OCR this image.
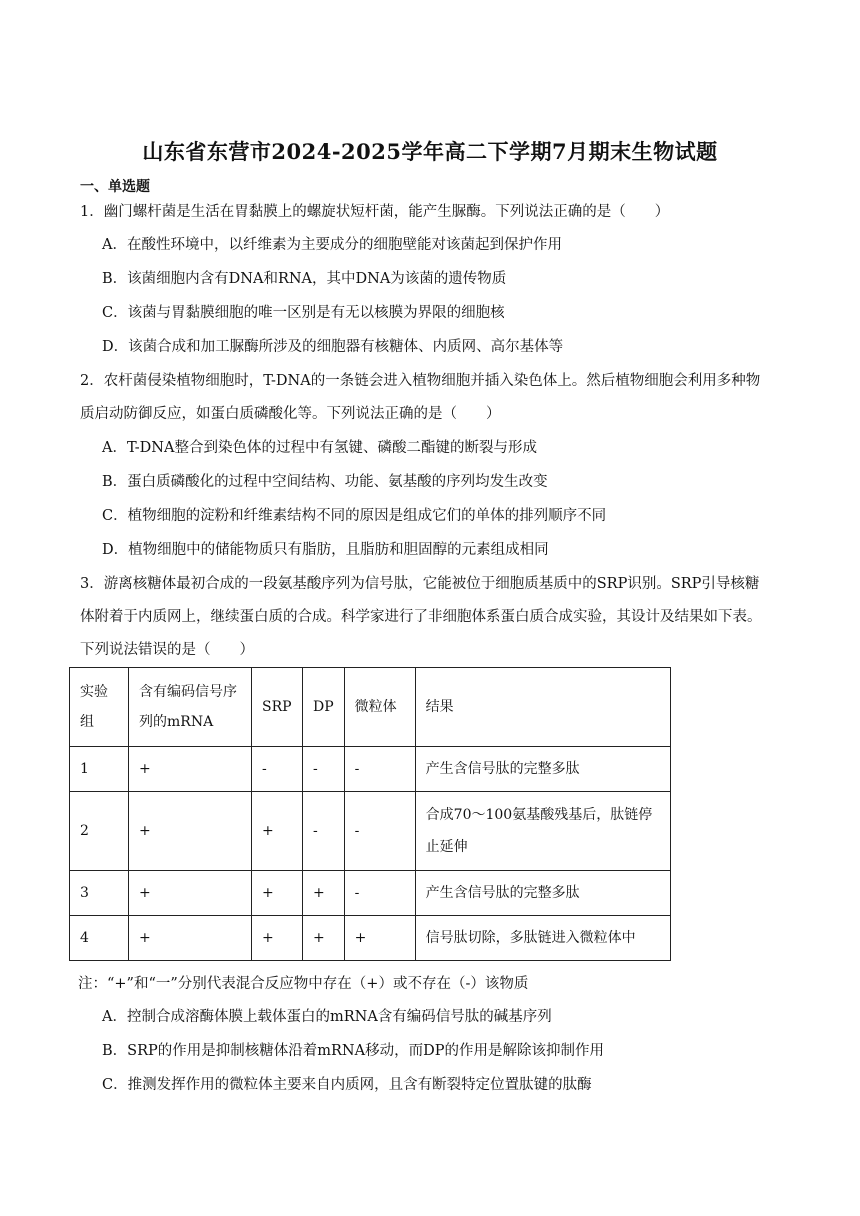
山东省东营市2024-2025学年高二下学期7月期末生物试题
一、单选题
1．幽门螺杆菌是生活在胃黏膜上的螺旋状短杆菌，能产生脲酶。下列说法正确的是（　　）
A．在酸性环境中，以纤维素为主要成分的细胞壁能对该菌起到保护作用
B．该菌细胞内含有DNA和RNA，其中DNA为该菌的遗传物质
C．该菌与胃黏膜细胞的唯一区别是有无以核膜为界限的细胞核
D．该菌合成和加工脲酶所涉及的细胞器有核糖体、内质网、高尔基体等
2．农杆菌侵染植物细胞时，T-DNA的一条链会进入植物细胞并插入染色体上。然后植物细胞会利用多种物
质启动防御反应，如蛋白质磷酸化等。下列说法正确的是（　　）
A．T-DNA整合到染色体的过程中有氢键、磷酸二酯键的断裂与形成
B．蛋白质磷酸化的过程中空间结构、功能、氨基酸的序列均发生改变
C．植物细胞的淀粉和纤维素结构不同的原因是组成它们的单体的排列顺序不同
D．植物细胞中的储能物质只有脂肪，且脂肪和胆固醇的元素组成相同
3．游离核糖体最初合成的一段氨基酸序列为信号肽，它能被位于细胞质基质中的SRP识别。SRP引导核糖
体附着于内质网上，继续蛋白质的合成。科学家进行了非细胞体系蛋白质合成实验，其设计及结果如下表。
下列说法错误的是（　　）
实验组	含有编码信号序列的mRNA	SRP	DP	微粒体	结果
1	+	-	-	-	产生含信号肽的完整多肽
2	+	+	-	-	合成70～100氨基酸残基后，肽链停止延伸
3	+	+	+	-	产生含信号肽的完整多肽
4	+	+	+	+	信号肽切除，多肽链进入微粒体中
注：“+”和“一”分别代表混合反应物中存在（+）或不存在（-）该物质
A．控制合成溶酶体膜上载体蛋白的mRNA含有编码信号肽的碱基序列
B．SRP的作用是抑制核糖体沿着mRNA移动，而DP的作用是解除该抑制作用
C．推测发挥作用的微粒体主要来自内质网，且含有断裂特定位置肽键的肽酶
